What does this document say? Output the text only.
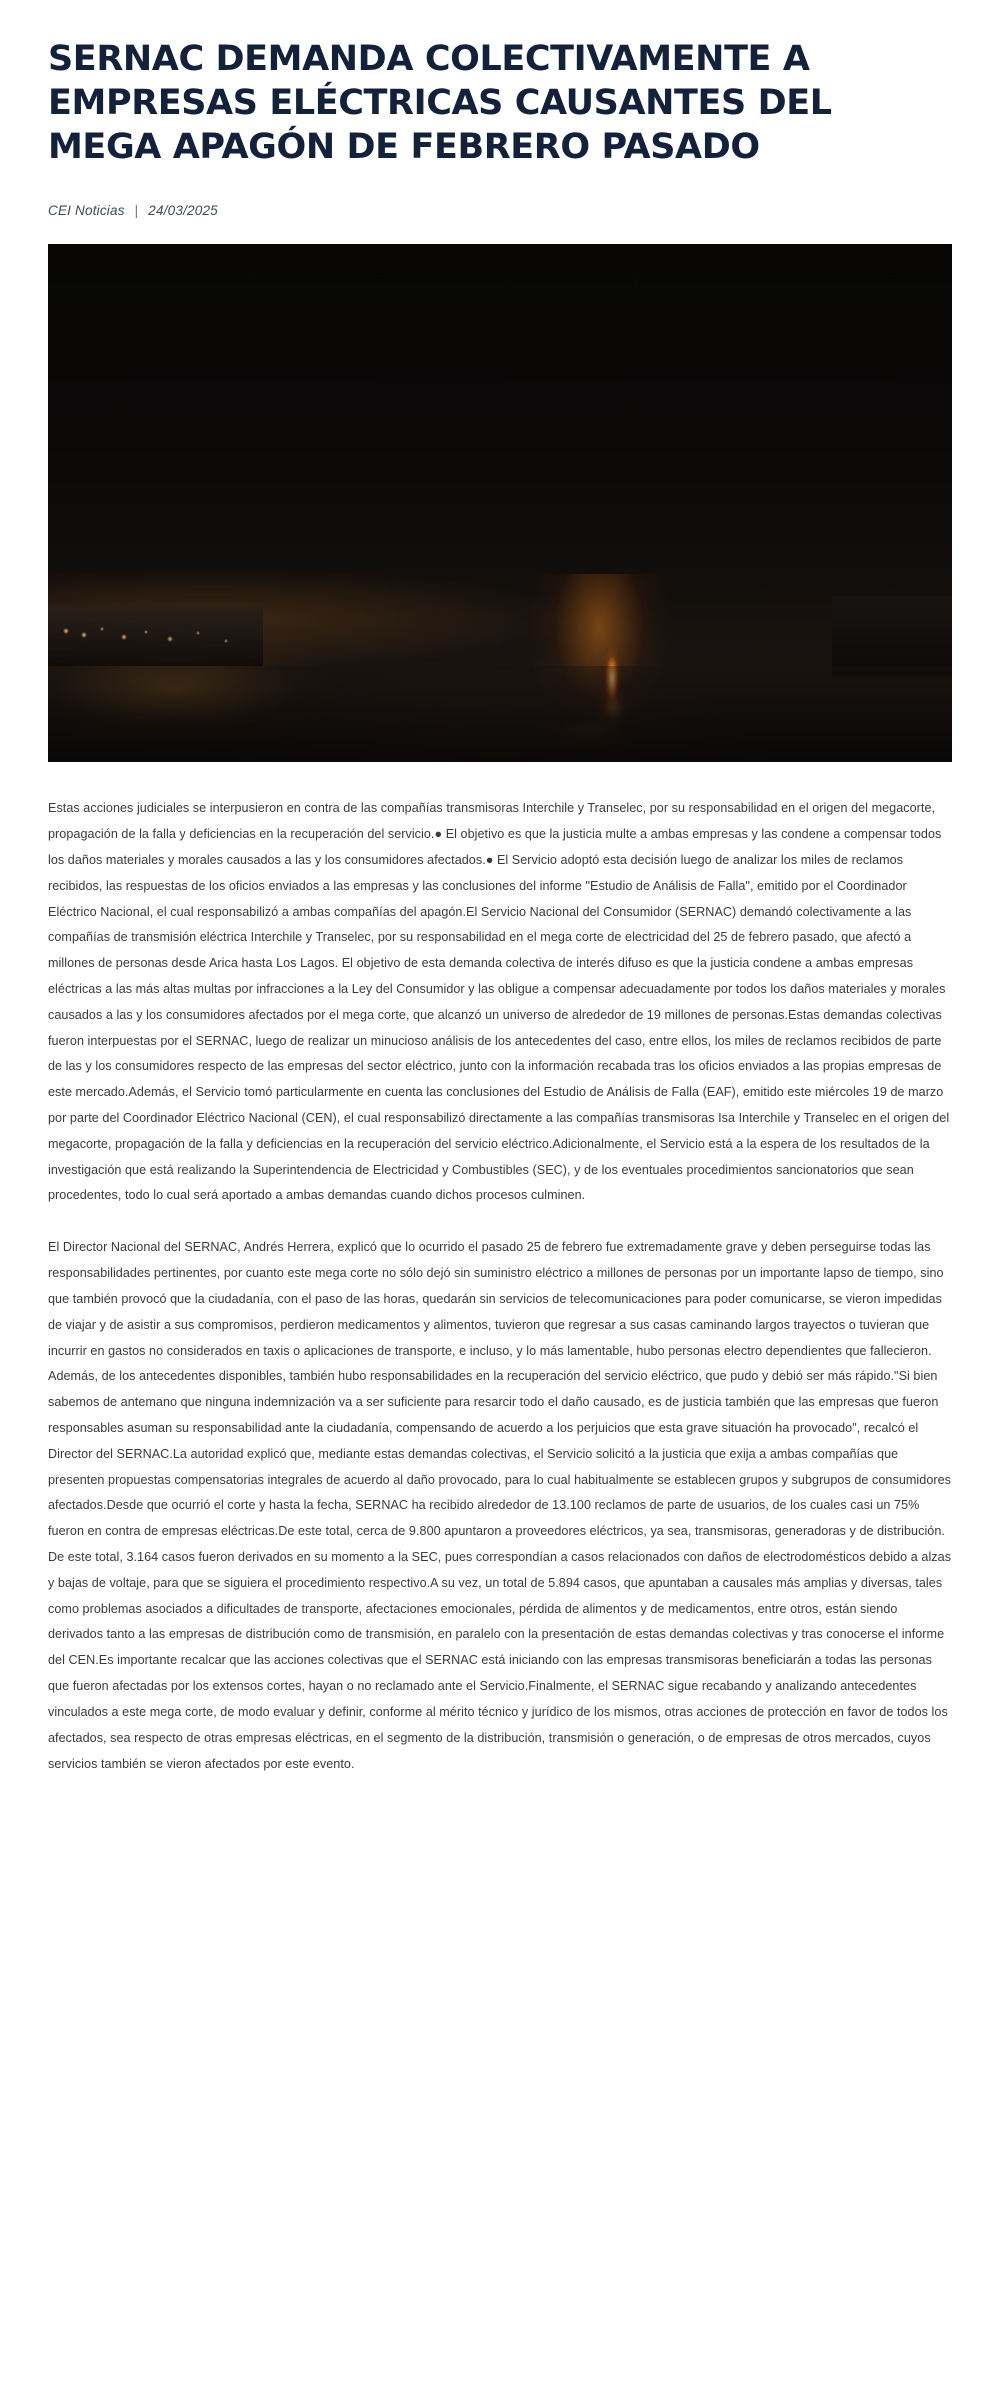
SERNAC DEMANDA COLECTIVAMENTE A EMPRESAS ELÉCTRICAS CAUSANTES DEL MEGA APAGÓN DE FEBRERO PASADO
CEI Noticias | 24/03/2025

Estas acciones judiciales se interpusieron en contra de las compañías transmisoras Interchile y Transelec, por su responsabilidad en el origen del megacorte, propagación de la falla y deficiencias en la recuperación del servicio.● El objetivo es que la justicia multe a ambas empresas y las condene a compensar todos los daños materiales y morales causados a las y los consumidores afectados.● El Servicio adoptó esta decisión luego de analizar los miles de reclamos recibidos, las respuestas de los oficios enviados a las empresas y las conclusiones del informe "Estudio de Análisis de Falla", emitido por el Coordinador Eléctrico Nacional, el cual responsabilizó a ambas compañías del apagón.El Servicio Nacional del Consumidor (SERNAC) demandó colectivamente a las compañías de transmisión eléctrica Interchile y Transelec, por su responsabilidad en el mega corte de electricidad del 25 de febrero pasado, que afectó a millones de personas desde Arica hasta Los Lagos. El objetivo de esta demanda colectiva de interés difuso es que la justicia condene a ambas empresas eléctricas a las más altas multas por infracciones a la Ley del Consumidor y las obligue a compensar adecuadamente por todos los daños materiales y morales causados a las y los consumidores afectados por el mega corte, que alcanzó un universo de alrededor de 19 millones de personas.Estas demandas colectivas fueron interpuestas por el SERNAC, luego de realizar un minucioso análisis de los antecedentes del caso, entre ellos, los miles de reclamos recibidos de parte de las y los consumidores respecto de las empresas del sector eléctrico, junto con la información recabada tras los oficios enviados a las propias empresas de este mercado.Además, el Servicio tomó particularmente en cuenta las conclusiones del Estudio de Análisis de Falla (EAF), emitido este miércoles 19 de marzo por parte del Coordinador Eléctrico Nacional (CEN), el cual responsabilizó directamente a las compañías transmisoras Isa Interchile y Transelec en el origen del megacorte, propagación de la falla y deficiencias en la recuperación del servicio eléctrico.Adicionalmente, el Servicio está a la espera de los resultados de la investigación que está realizando la Superintendencia de Electricidad y Combustibles (SEC), y de los eventuales procedimientos sancionatorios que sean procedentes, todo lo cual será aportado a ambas demandas cuando dichos procesos culminen.

El Director Nacional del SERNAC, Andrés Herrera, explicó que lo ocurrido el pasado 25 de febrero fue extremadamente grave y deben perseguirse todas las responsabilidades pertinentes, por cuanto este mega corte no sólo dejó sin suministro eléctrico a millones de personas por un importante lapso de tiempo, sino que también provocó que la ciudadanía, con el paso de las horas, quedarán sin servicios de telecomunicaciones para poder comunicarse, se vieron impedidas de viajar y de asistir a sus compromisos, perdieron medicamentos y alimentos, tuvieron que regresar a sus casas caminando largos trayectos o tuvieran que incurrir en gastos no considerados en taxis o aplicaciones de transporte, e incluso, y lo más lamentable, hubo personas electro dependientes que fallecieron. Además, de los antecedentes disponibles, también hubo responsabilidades en la recuperación del servicio eléctrico, que pudo y debió ser más rápido."Si bien sabemos de antemano que ninguna indemnización va a ser suficiente para resarcir todo el daño causado, es de justicia también que las empresas que fueron responsables asuman su responsabilidad ante la ciudadanía, compensando de acuerdo a los perjuicios que esta grave situación ha provocado", recalcó el Director del SERNAC.La autoridad explicó que, mediante estas demandas colectivas, el Servicio solicitó a la justicia que exija a ambas compañías que presenten propuestas compensatorias integrales de acuerdo al daño provocado, para lo cual habitualmente se establecen grupos y subgrupos de consumidores afectados.Desde que ocurrió el corte y hasta la fecha, SERNAC ha recibido alrededor de 13.100 reclamos de parte de usuarios, de los cuales casi un 75% fueron en contra de empresas eléctricas.De este total, cerca de 9.800 apuntaron a proveedores eléctricos, ya sea, transmisoras, generadoras y de distribución. De este total, 3.164 casos fueron derivados en su momento a la SEC, pues correspondían a casos relacionados con daños de electrodomésticos debido a alzas y bajas de voltaje, para que se siguiera el procedimiento respectivo.A su vez, un total de 5.894 casos, que apuntaban a causales más amplias y diversas, tales como problemas asociados a dificultades de transporte, afectaciones emocionales, pérdida de alimentos y de medicamentos, entre otros, están siendo derivados tanto a las empresas de distribución como de transmisión, en paralelo con la presentación de estas demandas colectivas y tras conocerse el informe del CEN.Es importante recalcar que las acciones colectivas que el SERNAC está iniciando con las empresas transmisoras beneficiarán a todas las personas que fueron afectadas por los extensos cortes, hayan o no reclamado ante el Servicio.Finalmente, el SERNAC sigue recabando y analizando antecedentes vinculados a este mega corte, de modo evaluar y definir, conforme al mérito técnico y jurídico de los mismos, otras acciones de protección en favor de todos los afectados, sea respecto de otras empresas eléctricas, en el segmento de la distribución, transmisión o generación, o de empresas de otros mercados, cuyos servicios también se vieron afectados por este evento.
